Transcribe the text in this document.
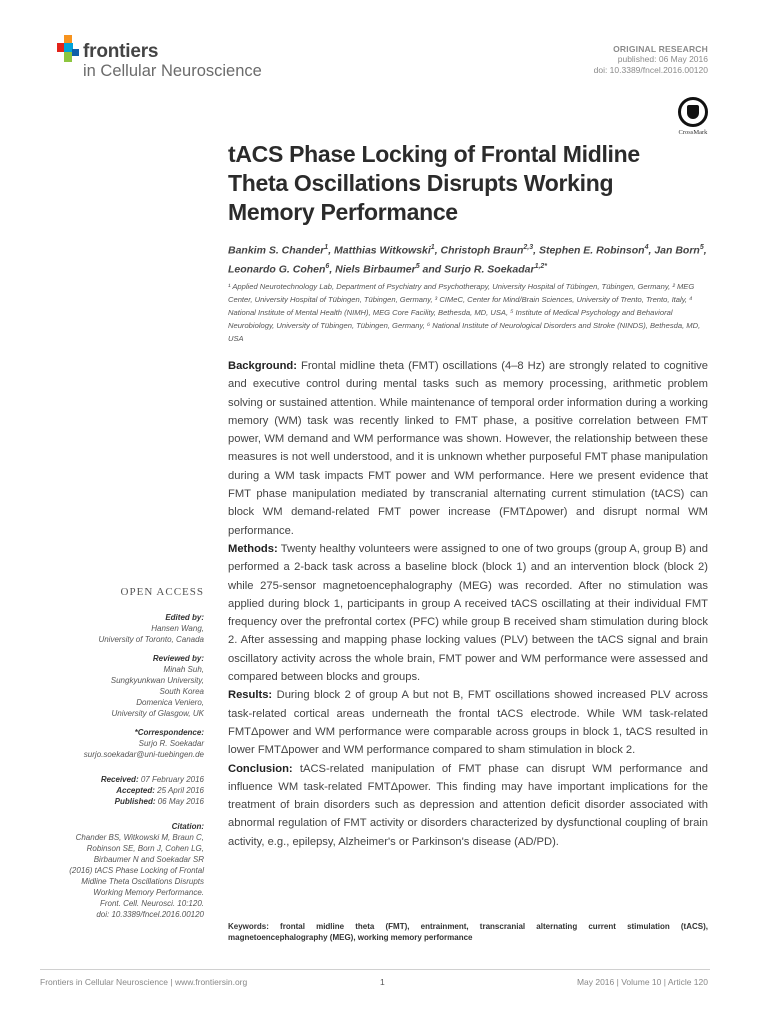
frontiers
in Cellular Neuroscience
ORIGINAL RESEARCH
published: 06 May 2016
doi: 10.3389/fncel.2016.00120
CrossMark
tACS Phase Locking of Frontal Midline Theta Oscillations Disrupts Working Memory Performance
Bankim S. Chander$^1$, Matthias Witkowski$^1$, Christoph Braun$^{2,3}$, Stephen E. Robinson$^4$, Jan Born$^5$, Leonardo G. Cohen$^6$, Niels Birbaumer$^5$ and Surjo R. Soekadar$^{1,2*}$
¹ Applied Neurotechnology Lab, Department of Psychiatry and Psychotherapy, University Hospital of Tübingen, Tübingen, Germany, ² MEG Center, University Hospital of Tübingen, Tübingen, Germany, ³ CIMeC, Center for Mind/Brain Sciences, University of Trento, Trento, Italy, ⁴ National Institute of Mental Health (NIMH), MEG Core Facility, Bethesda, MD, USA, ⁵ Institute of Medical Psychology and Behavioral Neurobiology, University of Tübingen, Tübingen, Germany, ⁶ National Institute of Neurological Disorders and Stroke (NINDS), Bethesda, MD, USA

Background: Frontal midline theta (FMT) oscillations (4–8 Hz) are strongly related to cognitive and executive control during mental tasks such as memory processing, arithmetic problem solving or sustained attention. While maintenance of temporal order information during a working memory (WM) task was recently linked to FMT phase, a positive correlation between FMT power, WM demand and WM performance was shown. However, the relationship between these measures is not well understood, and it is unknown whether purposeful FMT phase manipulation during a WM task impacts FMT power and WM performance. Here we present evidence that FMT phase manipulation mediated by transcranial alternating current stimulation (tACS) can block WM demand-related FMT power increase (FMTΔpower) and disrupt normal WM performance.

Methods: Twenty healthy volunteers were assigned to one of two groups (group A, group B) and performed a 2-back task across a baseline block (block 1) and an intervention block (block 2) while 275-sensor magnetoencephalography (MEG) was recorded. After no stimulation was applied during block 1, participants in group A received tACS oscillating at their individual FMT frequency over the prefrontal cortex (PFC) while group B received sham stimulation during block 2. After assessing and mapping phase locking values (PLV) between the tACS signal and brain oscillatory activity across the whole brain, FMT power and WM performance were assessed and compared between blocks and groups.

Results: During block 2 of group A but not B, FMT oscillations showed increased PLV across task-related cortical areas underneath the frontal tACS electrode. While WM task-related FMTΔpower and WM performance were comparable across groups in block 1, tACS resulted in lower FMTΔpower and WM performance compared to sham stimulation in block 2.

Conclusion: tACS-related manipulation of FMT phase can disrupt WM performance and influence WM task-related FMTΔpower. This finding may have important implications for the treatment of brain disorders such as depression and attention deficit disorder associated with abnormal regulation of FMT activity or disorders characterized by dysfunctional coupling of brain activity, e.g., epilepsy, Alzheimer's or Parkinson's disease (AD/PD).

Keywords: frontal midline theta (FMT), entrainment, transcranial alternating current stimulation (tACS), magnetoencephalography (MEG), working memory performance
OPEN ACCESS
Edited by:
Hansen Wang,
University of Toronto, Canada
Reviewed by:
Minah Suh,
Sungkyunkwan University,
South Korea
Domenica Veniero,
University of Glasgow, UK
*Correspondence:
Surjo R. Soekadar
surjo.soekadar@uni-tuebingen.de
Received: 07 February 2016
Accepted: 25 April 2016
Published: 06 May 2016
Citation:
Chander BS, Witkowski M, Braun C,
Robinson SE, Born J, Cohen LG,
Birbaumer N and Soekadar SR
(2016) tACS Phase Locking of Frontal
Midline Theta Oscillations Disrupts
Working Memory Performance.
Front. Cell. Neurosci. 10:120.
doi: 10.3389/fncel.2016.00120
Frontiers in Cellular Neuroscience | www.frontiersin.org	1	May 2016 | Volume 10 | Article 120
